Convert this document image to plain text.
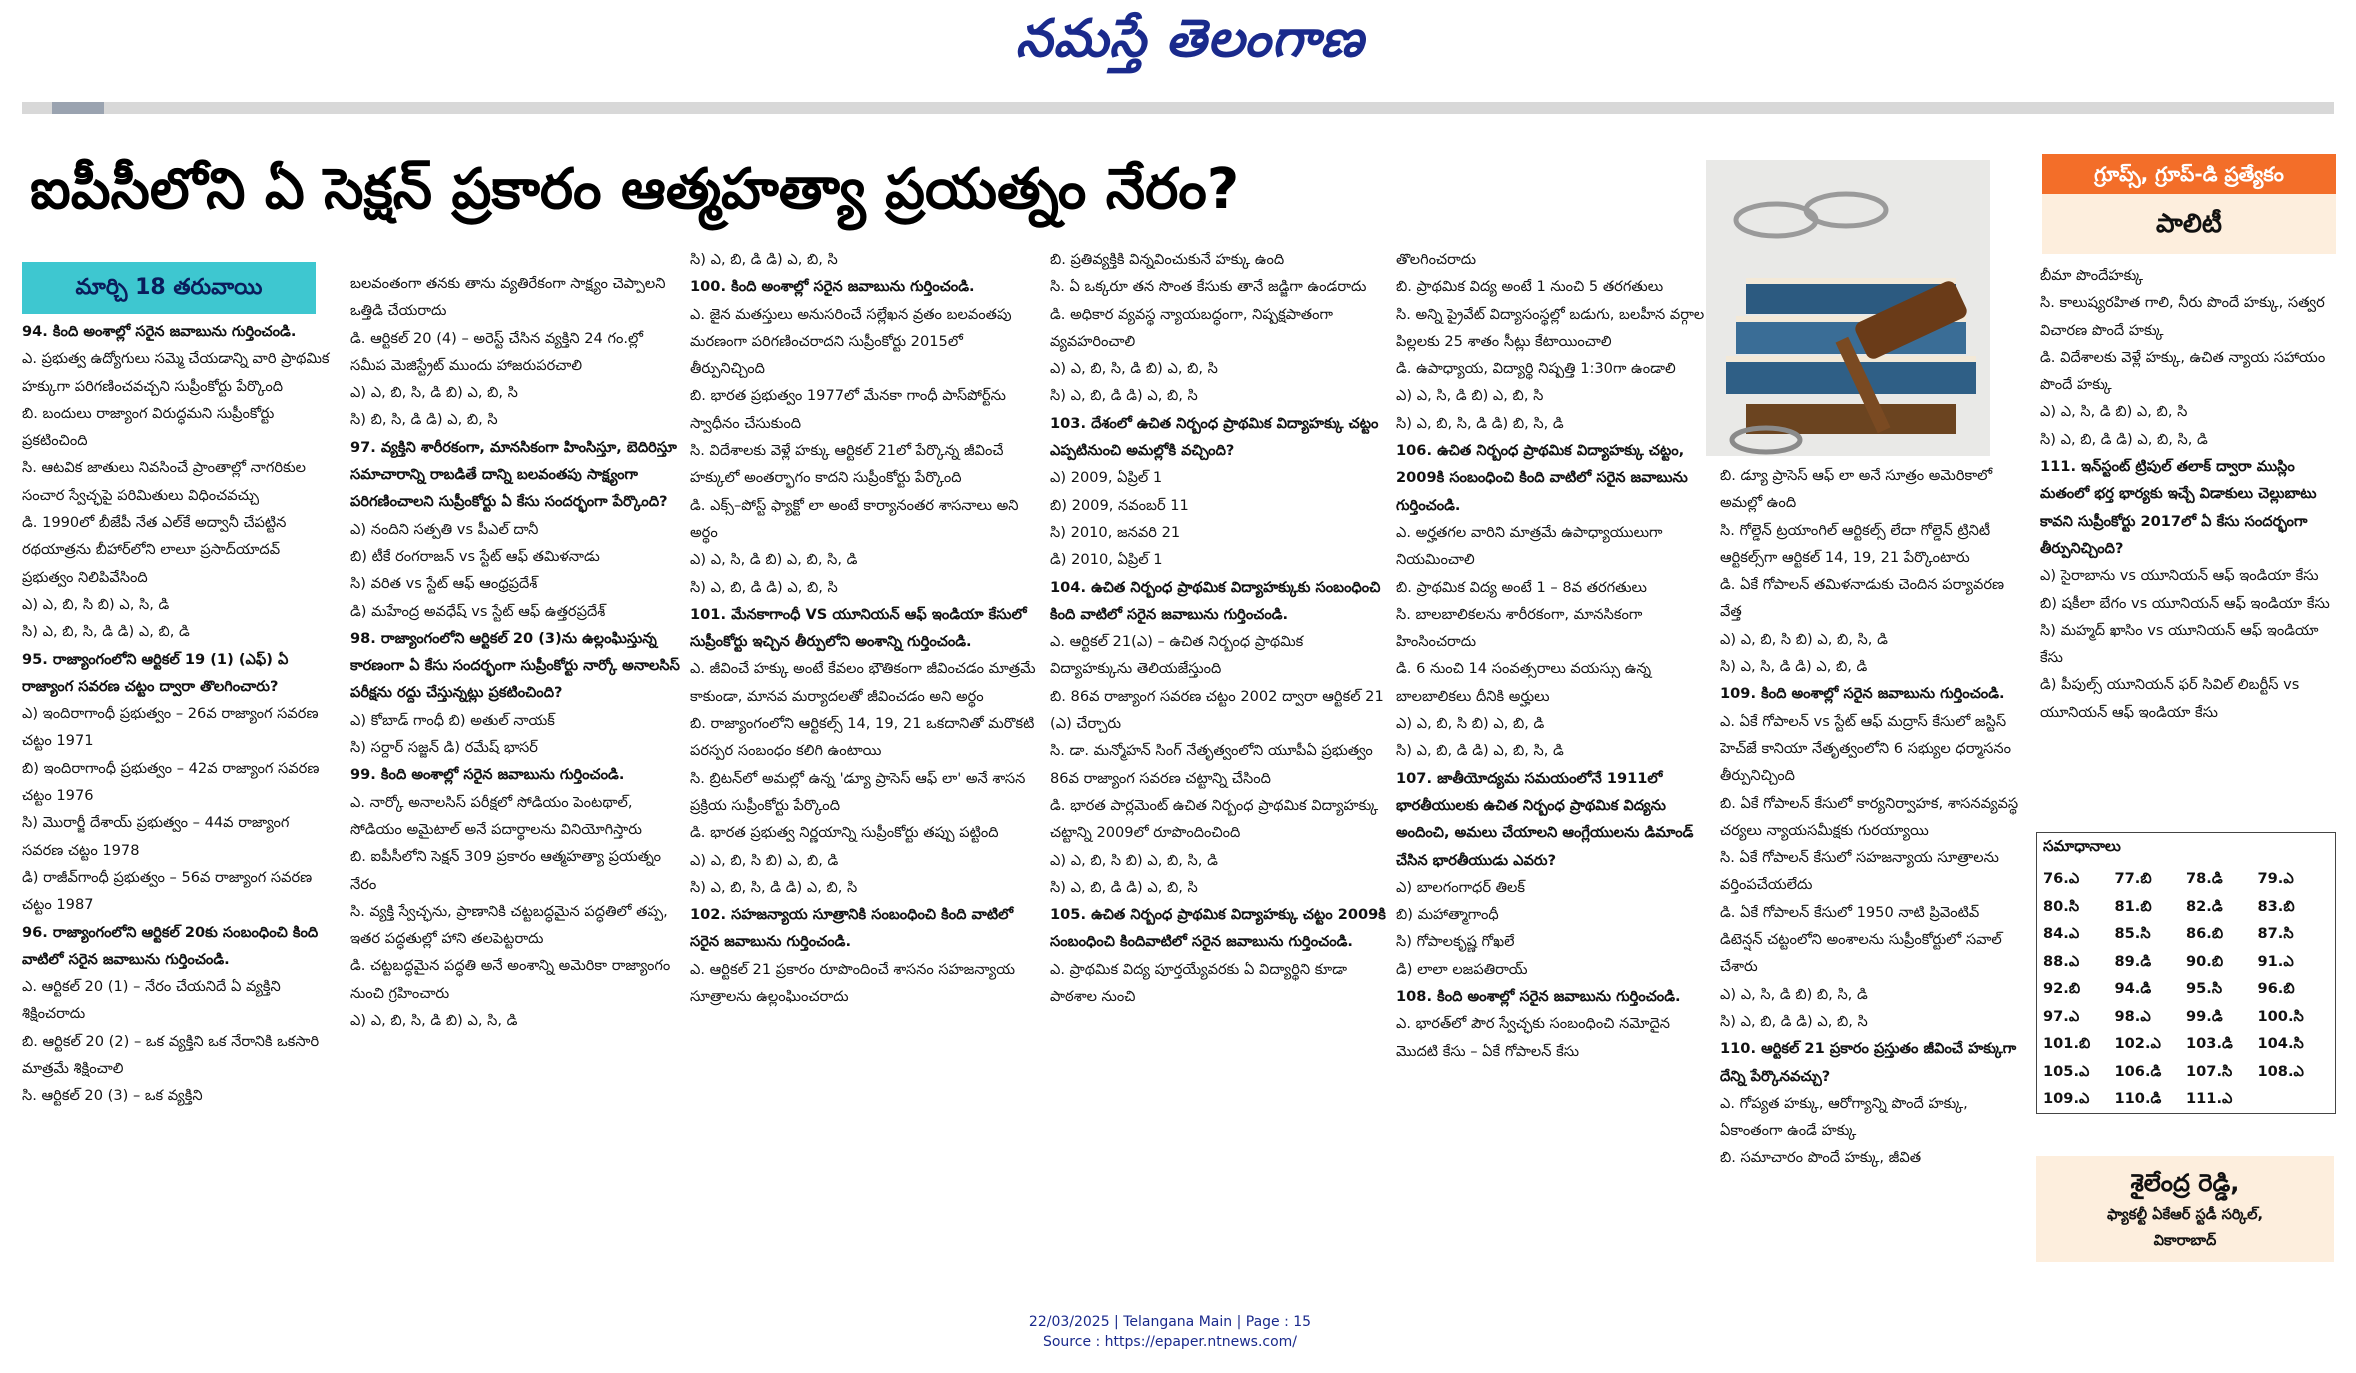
నమస్తే తెలంగాణ
ఐపీసీలోని ఏ సెక్షన్ ప్రకారం ఆత్మహత్యా ప్రయత్నం నేరం?
మార్చి 18 తరువాయి

94. కింది అంశాల్లో సరైన జవాబును గుర్తించండి.

ఎ. ప్రభుత్వ ఉద్యోగులు సమ్మె చేయడాన్ని వారి ప్రాథమిక హక్కుగా పరిగణించవచ్చని సుప్రీంకోర్టు పేర్కొంది

బి. బందులు రాజ్యాంగ విరుద్ధమని సుప్రీంకోర్టు ప్రకటించింది

సి. ఆటవిక జాతులు నివసించే ప్రాంతాల్లో నాగరికుల సంచార స్వేచ్ఛపై పరిమితులు విధించవచ్చు

డి. 1990లో బీజేపీ నేత ఎల్‌కే అద్వానీ చేపట్టిన రథయాత్రను బీహార్‌లోని లాలూ ప్రసాద్‌యాదవ్ ప్రభుత్వం నిలిపివేసింది

ఎ) ఎ, బి, సి బి) ఎ, సి, డి

సి) ఎ, బి, సి, డి డి) ఎ, బి, డి

95. రాజ్యాంగంలోని ఆర్టికల్ 19 (1) (ఎఫ్) ఏ రాజ్యాంగ సవరణ చట్టం ద్వారా తొలగించారు?

ఎ) ఇందిరాగాంధీ ప్రభుత్వం – 26వ రాజ్యాంగ సవరణ చట్టం 1971

బి) ఇందిరాగాంధీ ప్రభుత్వం – 42వ రాజ్యాంగ సవరణ చట్టం 1976

సి) మొరార్జీ దేశాయ్ ప్రభుత్వం – 44వ రాజ్యాంగ సవరణ చట్టం 1978

డి) రాజీవ్‌గాంధీ ప్రభుత్వం – 56వ రాజ్యాంగ సవరణ చట్టం 1987

96. రాజ్యాంగంలోని ఆర్టికల్ 20కు సంబంధించి కింది వాటిలో సరైన జవాబును గుర్తించండి.

ఎ. ఆర్టికల్ 20 (1) – నేరం చేయనిదే ఏ వ్యక్తిని శిక్షించరాదు

బి. ఆర్టికల్ 20 (2) – ఒక వ్యక్తిని ఒక నేరానికి ఒకసారి మాత్రమే శిక్షించాలి

సి. ఆర్టికల్ 20 (3) – ఒక వ్యక్తిని

బలవంతంగా తనకు తాను వ్యతిరేకంగా సాక్ష్యం చెప్పాలని ఒత్తిడి చేయరాదు

డి. ఆర్టికల్ 20 (4) – అరెస్ట్ చేసిన వ్యక్తిని 24 గం.ల్లో సమీప మెజిస్ట్రేట్ ముందు హాజరుపరచాలి

ఎ) ఎ, బి, సి, డి బి) ఎ, బి, సి

సి) బి, సి, డి డి) ఎ, బి, సి

97. వ్యక్తిని శారీరకంగా, మానసికంగా హింసిస్తూ, బెదిరిస్తూ సమాచారాన్ని రాబడితే దాన్ని బలవంతపు సాక్ష్యంగా పరిగణించాలని సుప్రీంకోర్టు ఏ కేసు సందర్భంగా పేర్కొంది?

ఎ) నందిని సత్పతి vs పీఎల్ దానీ

బి) టీకే రంగరాజన్ vs స్టేట్ ఆఫ్ తమిళనాడు

సి) వరిత vs స్టేట్ ఆఫ్ ఆంధ్రప్రదేశ్

డి) మహేంద్ర అవధేష్ vs స్టేట్ ఆఫ్ ఉత్తరప్రదేశ్

98. రాజ్యాంగంలోని ఆర్టికల్ 20 (3)ను ఉల్లంఘిస్తున్న కారణంగా ఏ కేసు సందర్భంగా సుప్రీంకోర్టు నార్కో అనాలసిస్ పరీక్షను రద్దు చేస్తున్నట్లు ప్రకటించింది?

ఎ) కోబాడ్ గాంధీ బి) అతుల్ నాయక్

సి) సర్దార్ సజ్జన్ డి) రమేష్ భాసర్

99. కింది అంశాల్లో సరైన జవాబును గుర్తించండి.

ఎ. నార్కో అనాలసిస్ పరీక్షలో సోడియం పెంటథాల్, సోడియం అమైటాల్ అనే పదార్థాలను వినియోగిస్తారు

బి. ఐపీసీలోని సెక్షన్ 309 ప్రకారం ఆత్మహత్యా ప్రయత్నం నేరం

సి. వ్యక్తి స్వేచ్ఛను, ప్రాణానికి చట్టబద్ధమైన పద్ధతిలో తప్ప, ఇతర పద్ధతుల్లో హాని తలపెట్టరాదు

డి. చట్టబద్ధమైన పద్ధతి అనే అంశాన్ని అమెరికా రాజ్యాంగం నుంచి గ్రహించారు

ఎ) ఎ, బి, సి, డి బి) ఎ, సి, డి

సి) ఎ, బి, డి డి) ఎ, బి, సి

100. కింది అంశాల్లో సరైన జవాబును గుర్తించండి.

ఎ. జైన మతస్తులు అనుసరించే సల్లేఖన వ్రతం బలవంతపు మరణంగా పరిగణించరాదని సుప్రీంకోర్టు 2015లో తీర్పునిచ్చింది

బి. భారత ప్రభుత్వం 1977లో మేనకా గాంధీ పాస్‌పోర్ట్‌ను స్వాధీనం చేసుకుంది

సి. విదేశాలకు వెళ్లే హక్కు ఆర్టికల్ 21లో పేర్కొన్న జీవించే హక్కులో అంతర్భాగం కాదని సుప్రీంకోర్టు పేర్కొంది

డి. ఎక్స్‌–పోస్ట్ ఫ్యాక్టో లా అంటే కార్యానంతర శాసనాలు అని అర్థం

ఎ) ఎ, సి, డి బి) ఎ, బి, సి, డి

సి) ఎ, బి, డి డి) ఎ, బి, సి

101. మేనకాగాంధీ VS యూనియన్ ఆఫ్ ఇండియా కేసులో సుప్రీంకోర్టు ఇచ్చిన తీర్పులోని అంశాన్ని గుర్తించండి.

ఎ. జీవించే హక్కు అంటే కేవలం భౌతికంగా జీవించడం మాత్రమే కాకుండా, మానవ మర్యాదలతో జీవించడం అని అర్థం

బి. రాజ్యాంగంలోని ఆర్టికల్స్ 14, 19, 21 ఒకదానితో మరొకటి పరస్పర సంబంధం కలిగి ఉంటాయి

సి. బ్రిటన్‌లో అమల్లో ఉన్న 'డ్యూ ప్రాసెస్ ఆఫ్ లా' అనే శాసన ప్రక్రియ సుప్రీంకోర్టు పేర్కొంది

డి. భారత ప్రభుత్వ నిర్ణయాన్ని సుప్రీంకోర్టు తప్పు పట్టింది

ఎ) ఎ, బి, సి బి) ఎ, బి, డి

సి) ఎ, బి, సి, డి డి) ఎ, బి, సి

102. సహజన్యాయ సూత్రానికి సంబంధించి కింది వాటిలో సరైన జవాబును గుర్తించండి.

ఎ. ఆర్టికల్ 21 ప్రకారం రూపొందించే శాసనం సహజన్యాయ సూత్రాలను ఉల్లంఘించరాదు

బి. ప్రతివ్యక్తికి విన్నవించుకునే హక్కు ఉంది

సి. ఏ ఒక్కరూ తన సొంత కేసుకు తానే జడ్జిగా ఉండరాదు

డి. అధికార వ్యవస్థ న్యాయబద్ధంగా, నిష్పక్షపాతంగా వ్యవహరించాలి

ఎ) ఎ, బి, సి, డి బి) ఎ, బి, సి

సి) ఎ, బి, డి డి) ఎ, బి, సి

103. దేశంలో ఉచిత నిర్బంధ ప్రాథమిక విద్యాహక్కు చట్టం ఎప్పటినుంచి అమల్లోకి వచ్చింది?

ఎ) 2009, ఏప్రిల్ 1

బి) 2009, నవంబర్ 11

సి) 2010, జనవరి 21

డి) 2010, ఏప్రిల్ 1

104. ఉచిత నిర్బంధ ప్రాథమిక విద్యాహక్కుకు సంబంధించి కింది వాటిలో సరైన జవాబును గుర్తించండి.

ఎ. ఆర్టికల్ 21(ఎ) – ఉచిత నిర్బంధ ప్రాథమిక విద్యాహక్కును తెలియజేస్తుంది

బి. 86వ రాజ్యాంగ సవరణ చట్టం 2002 ద్వారా ఆర్టికల్ 21 (ఎ) చేర్చారు

సి. డా. మన్మోహన్ సింగ్ నేతృత్వంలోని యూపీఏ ప్రభుత్వం 86వ రాజ్యాంగ సవరణ చట్టాన్ని చేసింది

డి. భారత పార్లమెంట్ ఉచిత నిర్బంధ ప్రాథమిక విద్యాహక్కు చట్టాన్ని 2009లో రూపొందించింది

ఎ) ఎ, బి, సి బి) ఎ, బి, సి, డి

సి) ఎ, బి, డి డి) ఎ, బి, సి

105. ఉచిత నిర్బంధ ప్రాథమిక విద్యాహక్కు చట్టం 2009కి సంబంధించి కిందివాటిలో సరైన జవాబును గుర్తించండి.

ఎ. ప్రాథమిక విద్య పూర్తయ్యేవరకు ఏ విద్యార్థిని కూడా పాఠశాల నుంచి

తొలగించరాదు

బి. ప్రాథమిక విద్య అంటే 1 నుంచి 5 తరగతులు

సి. అన్ని ప్రైవేట్ విద్యాసంస్థల్లో బడుగు, బలహీన వర్గాల పిల్లలకు 25 శాతం సీట్లు కేటాయించాలి

డి. ఉపాధ్యాయ, విద్యార్థి నిష్పత్తి 1:30గా ఉండాలి

ఎ) ఎ, సి, డి బి) ఎ, బి, సి

సి) ఎ, బి, సి, డి డి) బి, సి, డి

106. ఉచిత నిర్బంధ ప్రాథమిక విద్యాహక్కు చట్టం, 2009కి సంబంధించి కింది వాటిలో సరైన జవాబును గుర్తించండి.

ఎ. అర్హతగల వారిని మాత్రమే ఉపాధ్యాయులుగా నియమించాలి

బి. ప్రాథమిక విద్య అంటే 1 – 8వ తరగతులు

సి. బాలబాలికలను శారీరకంగా, మానసికంగా హింసించరాదు

డి. 6 నుంచి 14 సంవత్సరాలు వయస్సు ఉన్న బాలబాలికలు దీనికి అర్హులు

ఎ) ఎ, బి, సి బి) ఎ, బి, డి

సి) ఎ, బి, డి డి) ఎ, బి, సి, డి

107. జాతీయోద్యమ సమయంలోనే 1911లో భారతీయులకు ఉచిత నిర్బంధ ప్రాథమిక విద్యను అందించి, అమలు చేయాలని ఆంగ్లేయులను డిమాండ్ చేసిన భారతీయుడు ఎవరు?

ఎ) బాలగంగాధర్ తిలక్

బి) మహాత్మాగాంధీ

సి) గోపాలకృష్ణ గోఖలే

డి) లాలా లజపతిరాయ్

108. కింది అంశాల్లో సరైన జవాబును గుర్తించండి.

ఎ. భారత్‌లో పౌర స్వేచ్ఛకు సంబంధించి నమోదైన మొదటి కేసు – ఏకే గోపాలన్ కేసు

బి. డ్యూ ప్రాసెస్ ఆఫ్ లా అనే సూత్రం అమెరికాలో అమల్లో ఉంది

సి. గోల్డెన్ ట్రయాంగిల్ ఆర్టికల్స్ లేదా గోల్డెన్ ట్రినిటీ ఆర్టికల్స్‌గా ఆర్టికల్ 14, 19, 21 పేర్కొంటారు

డి. ఏకే గోపాలన్ తమిళనాడుకు చెందిన పర్యావరణ వేత్త

ఎ) ఎ, బి, సి బి) ఎ, బి, సి, డి

సి) ఎ, సి, డి డి) ఎ, బి, డి

109. కింది అంశాల్లో సరైన జవాబును గుర్తించండి.

ఎ. ఏకే గోపాలన్ vs స్టేట్ ఆఫ్ మద్రాస్ కేసులో జస్టిస్ హెచ్‌జే కానియా నేతృత్వంలోని 6 సభ్యుల ధర్మాసనం తీర్పునిచ్చింది

బి. ఏకే గోపాలన్ కేసులో కార్యనిర్వాహక, శాసనవ్యవస్థ చర్యలు న్యాయసమీక్షకు గురయ్యాయి

సి. ఏకే గోపాలన్ కేసులో సహజన్యాయ సూత్రాలను వర్తింపచేయలేదు

డి. ఏకే గోపాలన్ కేసులో 1950 నాటి ప్రివెంటివ్ డిటెన్షన్ చట్టంలోని అంశాలను సుప్రీంకోర్టులో సవాల్ చేశారు

ఎ) ఎ, సి, డి బి) బి, సి, డి

సి) ఎ, బి, డి డి) ఎ, బి, సి

110. ఆర్టికల్ 21 ప్రకారం ప్రస్తుతం జీవించే హక్కుగా దేన్ని పేర్కొనవచ్చు?

ఎ. గోప్యత హక్కు, ఆరోగ్యాన్ని పొందే హక్కు, ఏకాంతంగా ఉండే హక్కు

బి. సమాచారం పొందే హక్కు, జీవిత

గ్రూప్స్, గ్రూప్-డి ప్రత్యేకం
పాలిటీ

బీమా పొందేహక్కు

సి. కాలుష్యరహిత గాలి, నీరు పొందే హక్కు, సత్వర విచారణ పొందే హక్కు

డి. విదేశాలకు వెళ్లే హక్కు, ఉచిత న్యాయ సహాయం పొందే హక్కు

ఎ) ఎ, సి, డి బి) ఎ, బి, సి

సి) ఎ, బి, డి డి) ఎ, బి, సి, డి

111. ఇన్‌స్టంట్ ట్రిపుల్ తలాక్ ద్వారా ముస్లిం మతంలో భర్త భార్యకు ఇచ్చే విడాకులు చెల్లుబాటు కావని సుప్రీంకోర్టు 2017లో ఏ కేసు సందర్భంగా తీర్పునిచ్చింది?

ఎ) సైరాబాను vs యూనియన్ ఆఫ్ ఇండియా కేసు

బి) షకీలా బేగం vs యూనియన్ ఆఫ్ ఇండియా కేసు

సి) మహ్మద్ ఖాసిం vs యూనియన్ ఆఫ్ ఇండియా కేసు

డి) పీపుల్స్ యూనియన్ ఫర్ సివిల్ లిబర్టీస్ vs యూనియన్ ఆఫ్ ఇండియా కేసు

సమాధానాలు
76.ఎ	77.బి	78.డి	79.ఎ
80.సి	81.బి	82.డి	83.బి
84.ఎ	85.సి	86.బి	87.సి
88.ఎ	89.డి	90.బి	91.ఎ
92.బి	94.డి	95.సి	96.బి
97.ఎ	98.ఎ	99.డి	100.సి
101.బి	102.ఎ	103.డి	104.సి
105.ఎ	106.డి	107.సి	108.ఎ
109.ఎ	110.డి	111.ఎ
శైలేంద్ర రెడ్డి,
ఫ్యాకల్టీ ఏకేఆర్ స్టడీ సర్కిల్,
వికారాబాద్
22/03/2025 | Telangana Main | Page : 15
Source : https://epaper.ntnews.com/
